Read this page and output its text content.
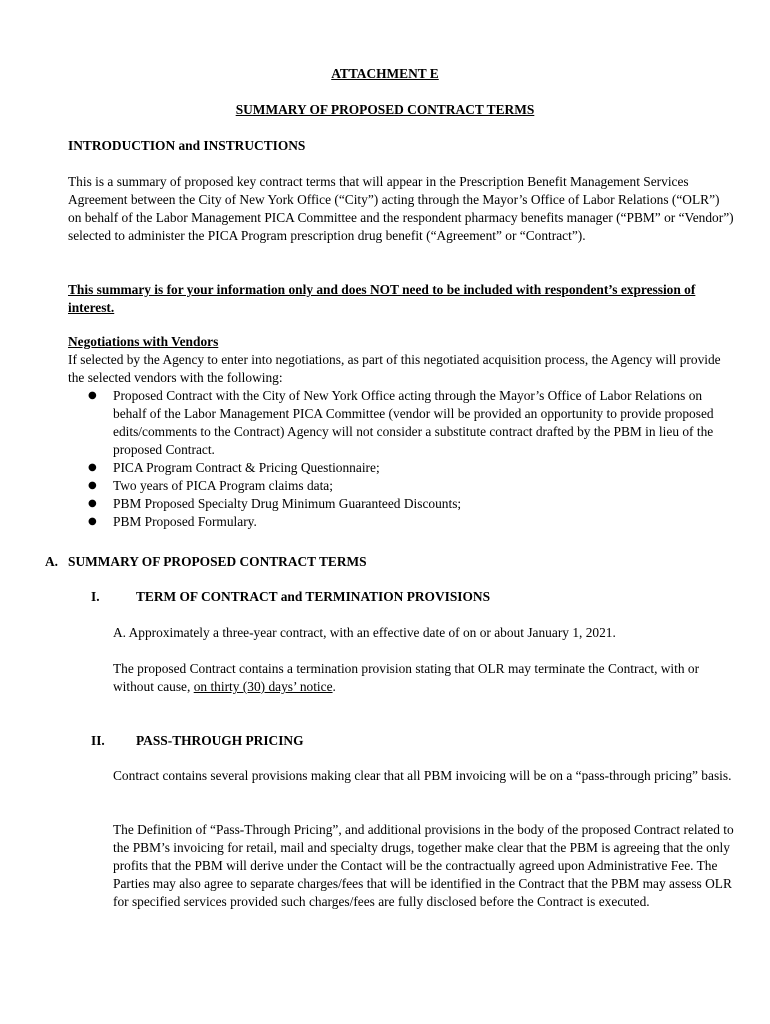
ATTACHMENT E

SUMMARY OF PROPOSED CONTRACT TERMS

INTRODUCTION and INSTRUCTIONS

This is a summary of proposed key contract terms that will appear in the Prescription Benefit Management Services Agreement between the City of New York Office (“City”) acting through the Mayor’s Office of Labor Relations (“OLR”) on behalf of the Labor Management PICA Committee and the respondent pharmacy benefits manager (“PBM” or “Vendor”) selected to administer the PICA Program prescription drug benefit (“Agreement” or “Contract”).

This summary is for your information only and does NOT need to be included with respondent’s expression of interest.

Negotiations with Vendors

If selected by the Agency to enter into negotiations, as part of this negotiated acquisition process, the Agency will provide the selected vendors with the following:

● Proposed Contract with the City of New York Office acting through the Mayor’s Office of Labor Relations on behalf of the Labor Management PICA Committee (vendor will be provided an opportunity to provide proposed edits/comments to the Contract) Agency will not consider a substitute contract drafted by the PBM in lieu of the proposed Contract.
● PICA Program Contract & Pricing Questionnaire;
● Two years of PICA Program claims data;
● PBM Proposed Specialty Drug Minimum Guaranteed Discounts;
● PBM Proposed Formulary.

A. SUMMARY OF PROPOSED CONTRACT TERMS

I.	TERM OF CONTRACT and TERMINATION PROVISIONS

A. Approximately a three-year contract, with an effective date of on or about January 1, 2021.

The proposed Contract contains a termination provision stating that OLR may terminate the Contract, with or without cause, on thirty (30) days’ notice.

II. PASS-THROUGH PRICING

Contract contains several provisions making clear that all PBM invoicing will be on a “pass-through pricing” basis.

The Definition of “Pass-Through Pricing”, and additional provisions in the body of the proposed Contract related to the PBM’s invoicing for retail, mail and specialty drugs, together make clear that the PBM is agreeing that the only profits that the PBM will derive under the Contact will be the contractually agreed upon Administrative Fee. The Parties may also agree to separate charges/fees that will be identified in the Contract that the PBM may assess OLR for specified services provided such charges/fees are fully disclosed before the Contract is executed.
